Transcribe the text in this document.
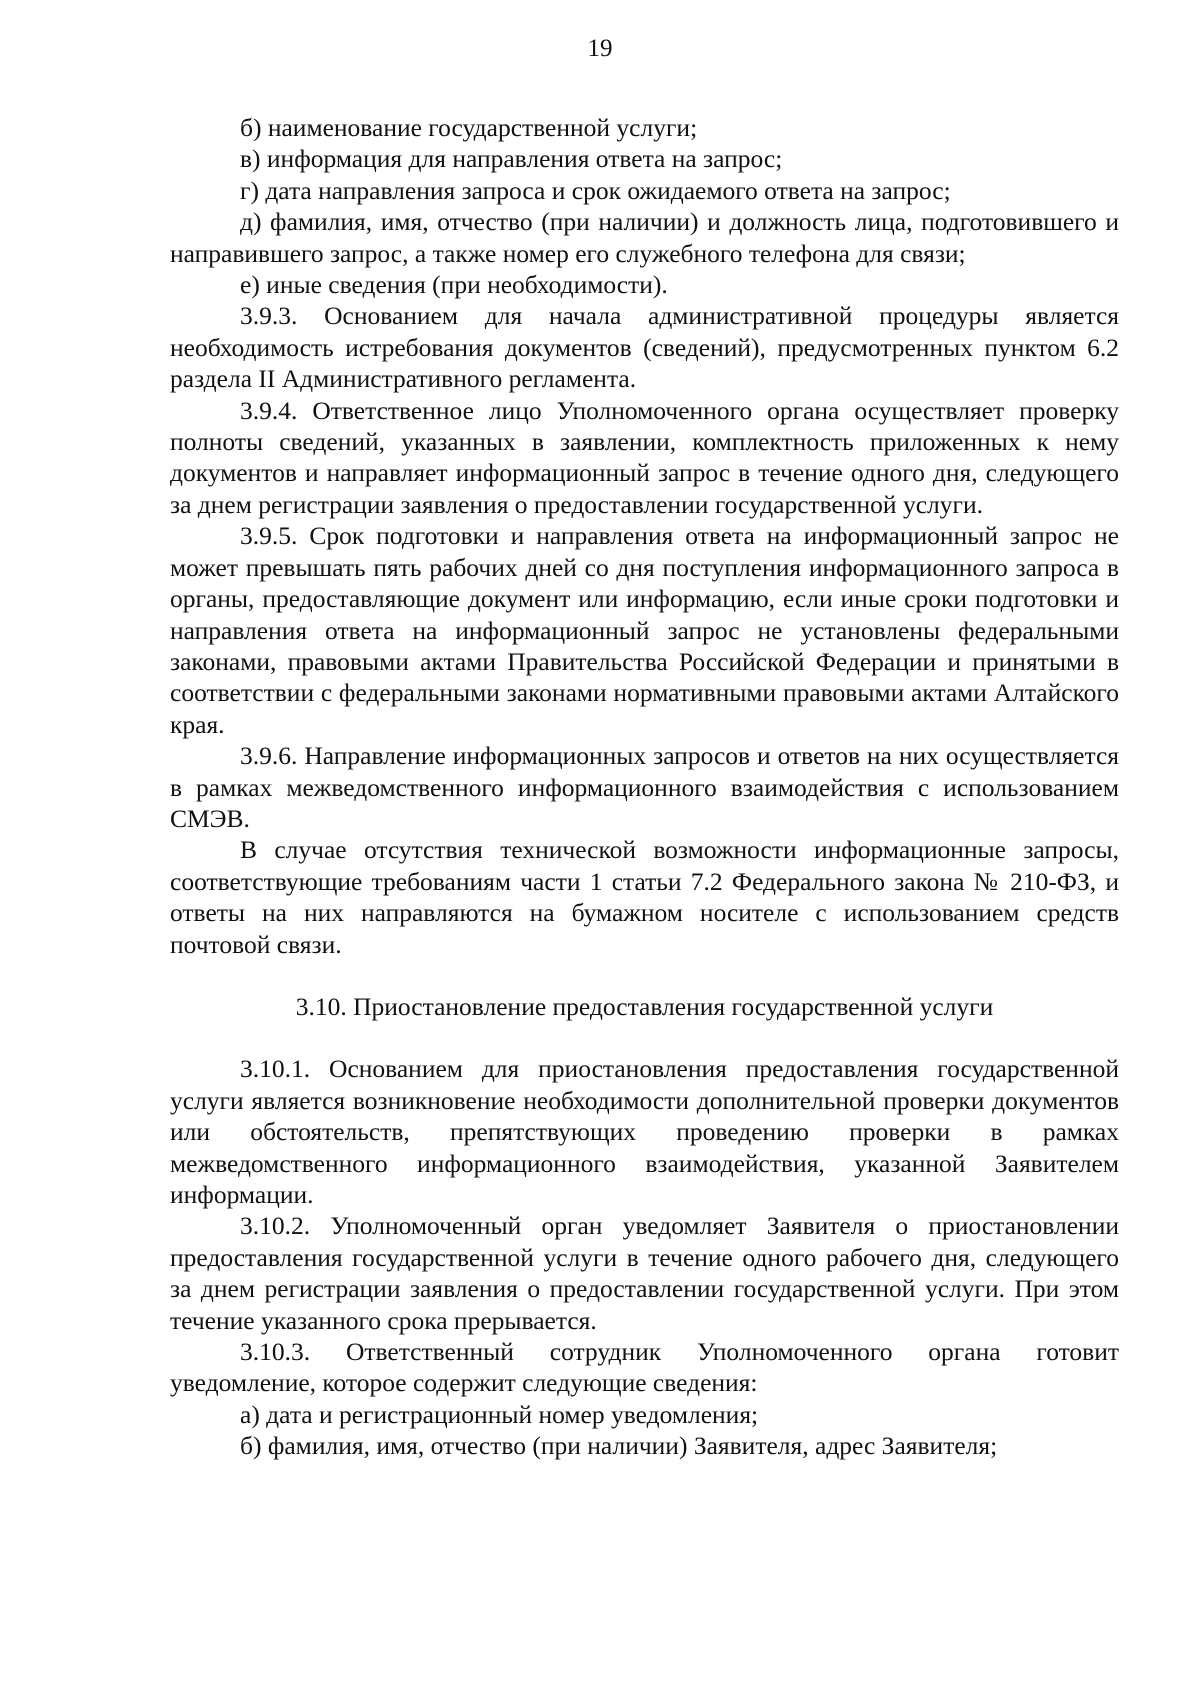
19

б) наименование государственной услуги;

в) информация для направления ответа на запрос;

г) дата направления запроса и срок ожидаемого ответа на запрос;

д) фамилия, имя, отчество (при наличии) и должность лица, подготовившего и направившего запрос, а также номер его служебного телефона для связи;

е) иные сведения (при необходимости).

3.9.3. Основанием для начала административной процедуры является необходимость истребования документов (сведений), предусмотренных пунктом 6.2 раздела II Административного регламента.

3.9.4. Ответственное лицо Уполномоченного органа осуществляет проверку полноты сведений, указанных в заявлении, комплектность приложенных к нему документов и направляет информационный запрос в течение одного дня, следующего за днем регистрации заявления о предоставлении государственной услуги.

3.9.5. Срок подготовки и направления ответа на информационный запрос не может превышать пять рабочих дней со дня поступления информационного запроса в органы, предоставляющие документ или информацию, если иные сроки подготовки и направления ответа на информационный запрос не установлены федеральными законами, правовыми актами Правительства Российской Федерации и принятыми в соответствии с федеральными законами нормативными правовыми актами Алтайского края.

3.9.6. Направление информационных запросов и ответов на них осуществляется в рамках межведомственного информационного взаимодействия с использованием СМЭВ.

В случае отсутствия технической возможности информационные запросы, соответствующие требованиям части 1 статьи 7.2 Федерального закона № 210-ФЗ, и ответы на них направляются на бумажном носителе с использованием средств почтовой связи.

3.10. Приостановление предоставления государственной услуги

3.10.1. Основанием для приостановления предоставления государственной услуги является возникновение необходимости дополнительной проверки документов или обстоятельств, препятствующих проведению проверки в рамках межведомственного информационного взаимодействия, указанной Заявителем информации.

3.10.2. Уполномоченный орган уведомляет Заявителя о приостановлении предоставления государственной услуги в течение одного рабочего дня, следующего за днем регистрации заявления о предоставлении государственной услуги. При этом течение указанного срока прерывается.

3.10.3. Ответственный сотрудник Уполномоченного органа готовит уведомление, которое содержит следующие сведения:

а) дата и регистрационный номер уведомления;

б) фамилия, имя, отчество (при наличии) Заявителя, адрес Заявителя;
